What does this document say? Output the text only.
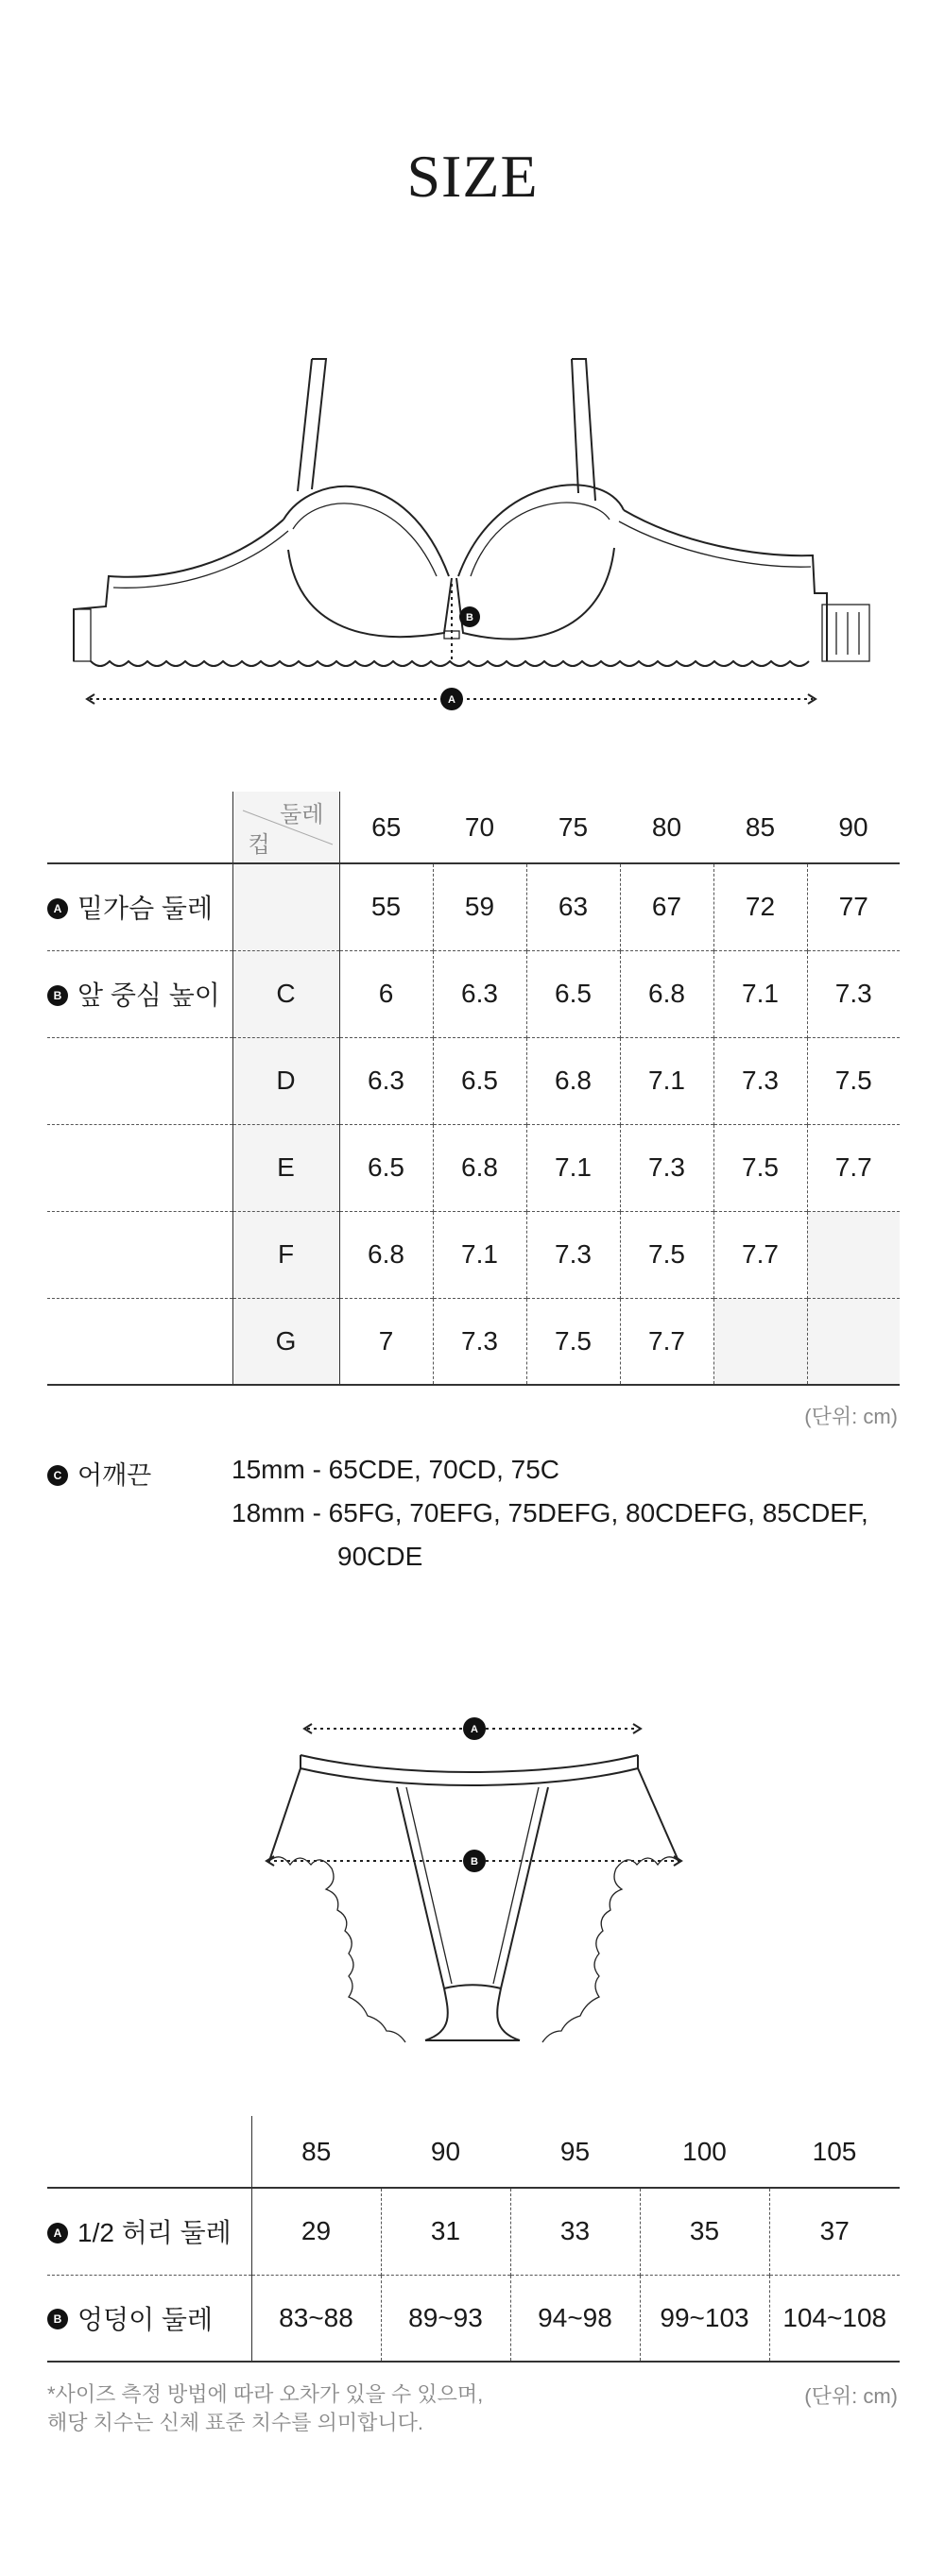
SIZE
B
A

	둘레
컵	65	70	75	80	85	90
A 밑가슴 둘레		55	59	63	67	72	77
B 앞 중심 높이	C	6	6.3	6.5	6.8	7.1	7.3
	D	6.3	6.5	6.8	7.1	7.3	7.5
	E	6.5	6.8	7.1	7.3	7.5	7.7
	F	6.8	7.1	7.3	7.5	7.7	
	G	7	7.3	7.5	7.7		
(단위: cm)
C 어깨끈	15mm - 65CDE, 70CD, 75C
18mm - 65FG, 70EFG, 75DEFG, 80CDEFG, 85CDEF,
90CDE
A
B
	85	90	95	100	105
A 1/2 허리 둘레	29	31	33	35	37
B 엉덩이 둘레	83~88	89~93	94~98	99~103	104~108
*사이즈 측정 방법에 따라 오차가 있을 수 있으며,
해당 치수는 신체 표준 치수를 의미합니다.
(단위: cm)
